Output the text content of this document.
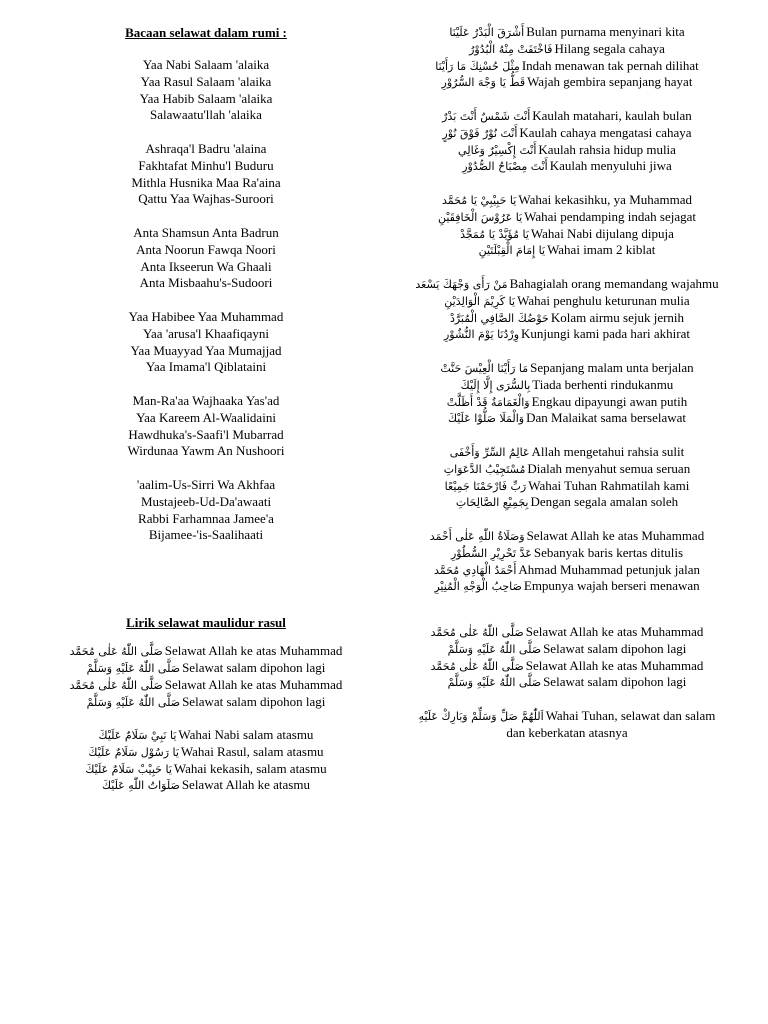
Bacaan selawat dalam rumi :
Yaa Nabi Salaam 'alaika
Yaa Rasul Salaam 'alaika
Yaa Habib Salaam 'alaika
Salawaatu'llah 'alaika
Ashraqa'l Badru 'alaina
Fakhtafat Minhu'l Buduru
Mithla Husnika Maa Ra'aina
Qattu Yaa Wajhas-Suroori
Anta Shamsun Anta Badrun
Anta Noorun Fawqa Noori
Anta Ikseerun Wa Ghaali
Anta Misbaahu's-Sudoori
Yaa Habibee Yaa Muhammad
Yaa 'arusa'l Khaafiqayni
Yaa Muayyad Yaa Mumajjad
Yaa Imama'l Qiblataini
Man-Ra'aa Wajhaaka Yas'ad
Yaa Kareem Al-Waalidaini
Hawdhuka's-Saafi'l Mubarrad
Wirdunaa Yawm An Nushoori
'aalim-Us-Sirri Wa Akhfaa
Mustajeeb-Ud-Da'awaati
Rabbi Farhamnaa Jamee'a
Bijamee-'is-Saalihaati
Lirik selawat maulidur rasul
صَلَّى اللّٰهُ عَلٰى مُحَمَّد Selawat Allah ke atas Muhammad
صَلَّى اللّٰهُ عَلَيْهِ وَسَلَّمْ Selawat salam dipohon lagi
صَلَّى اللّٰهُ عَلٰى مُحَمَّد Selawat Allah ke atas Muhammad
صَلَّى اللّٰهُ عَلَيْهِ وَسَلَّمْ Selawat salam dipohon lagi
يَا نَبِيْ سَلَامٌ عَلَيْكَ Wahai Nabi salam atasmu
يَا رَسُوْل سَلَامٌ عَلَيْكَ Wahai Rasul, salam atasmu
يَا حَبِيْبْ سَلَامٌ عَلَيْكَ Wahai kekasih, salam atasmu
صَلَوَاتُ اللّٰهِ عَلَيْكَ Selawat Allah ke atasmu
أَشْرَقَ الْبَدْرُ عَلَيْنَا Bulan purnama menyinari kita
فَاخْتَفَتْ مِنْهُ الْبُدُوْرُ Hilang segala cahaya
مِثْلَ حُسْنِكَ مَا رَأَيْنَا Indah menawan tak pernah dilihat
قَطُّ يَا وَجْهَ السُّرُوْرِ Wajah gembira sepanjang hayat
أَنْتَ شَمْسٌ أَنْتَ بَدْرٌ Kaulah matahari, kaulah bulan
أَنْتَ نُوْرٌ فَوْقَ نُوْرٍ Kaulah cahaya mengatasi cahaya
أَنْتَ إِكْسِيْرٌ وَغَالِي Kaulah rahsia hidup mulia
أَنْتَ مِصْبَاحُ الصُّدُوْرِ Kaulah menyuluhi jiwa
يَا حَبِيْبِيْ يَا مُحَمَّد Wahai kekasihku, ya Muhammad
يَا عَرُوْسَ الْخَافِقَيْنِ Wahai pendamping indah sejagat
يَا مُؤَيَّدْ يَا مُمَجَّدْ Wahai Nabi dijulang dipuja
يَا إِمَامَ الْقِبْلَتَيْنِ Wahai imam 2 kiblat
مَنْ رَأَى وَجْهَكَ يَسْعَد Bahagialah orang memandang wajahmu
يَا كَرِيْمَ الْوَالِدَيْنِ Wahai penghulu keturunan mulia
حَوْضُكَ الصَّافِي الْمُبَرَّدْ Kolam airmu sejuk jernih
وِرْدُنَا يَوْمَ النُّشُوْرِ Kunjungi kami pada hari akhirat
مَا رَأَيْنَا الْعِيْسَ حَنَّتْ Sepanjang malam unta berjalan
بِالسُّرَى إِلَّا إِلَيْكَ Tiada berhenti rindukanmu
وَالْغَمَامَةُ قَدْ أَظَلَّتْ Engkau dipayungi awan putih
وَالْمَلَا صَلُّوْا عَلَيْكَ Dan Malaikat sama berselawat
عَالِمُ السِّرِّ وَأَخْفَى Allah mengetahui rahsia sulit
مُسْتَجِيْبُ الدَّعَوَاتِ Dialah menyahut semua seruan
رَبِّ فَارْحَمْنَا جَمِيْعًا Wahai Tuhan Rahmatilah kami
بِجَمِيْعِ الصَّالِحَاتِ Dengan segala amalan soleh
وَصَلَاةُ اللّٰهِ عَلٰى أَحْمَد Selawat Allah ke atas Muhammad
عَدَّ تَحْرِيْرِ السُّطُوْرِ Sebanyak baris kertas ditulis
أَحْمَدُ الْهَادِي مُحَمَّد Ahmad Muhammad petunjuk jalan
صَاحِبُ الْوَجْهِ الْمُنِيْرِ Empunya wajah berseri menawan
صَلَّى اللّٰهُ عَلٰى مُحَمَّد Selawat Allah ke atas Muhammad
صَلَّى اللّٰهُ عَلَيْهِ وَسَلَّمْ Selawat salam dipohon lagi
صَلَّى اللّٰهُ عَلٰى مُحَمَّد Selawat Allah ke atas Muhammad
صَلَّى اللّٰهُ عَلَيْهِ وَسَلَّمْ Selawat salam dipohon lagi
اَللّٰهُمَّ صَلِّ وَسَلِّمْ وَبَارِكْ عَلَيْهِ Wahai Tuhan, selawat dan salam
dan keberkatan atasnya
